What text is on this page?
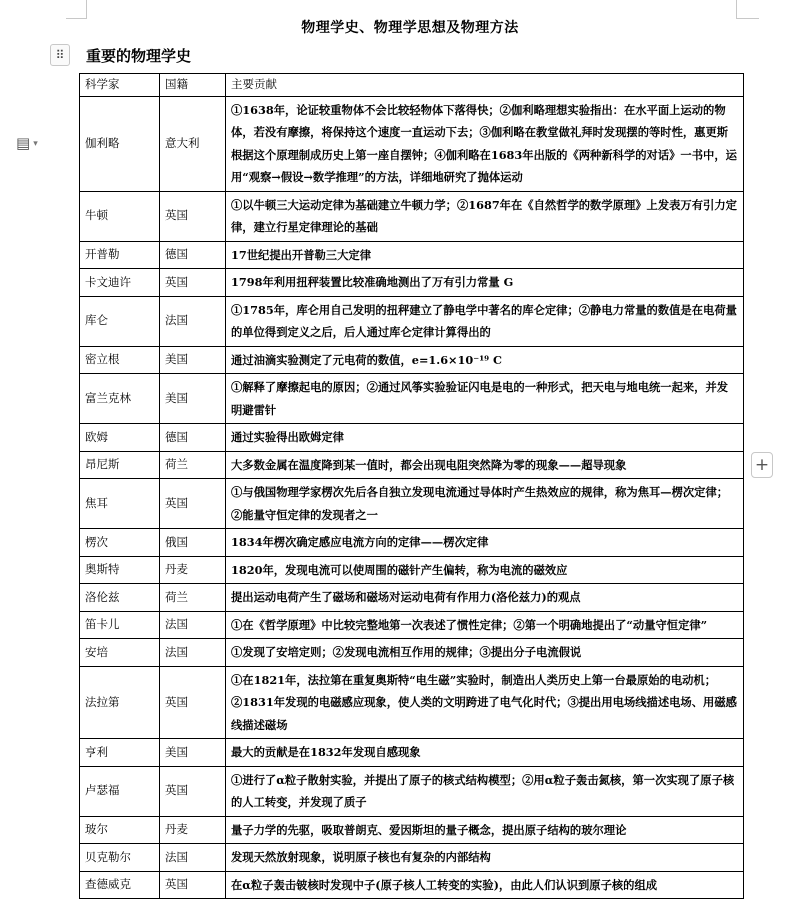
物理学史、物理学思想及物理方法
⠿	重要的物理学史
▤ ▾
+
科学家	国籍	主要贡献
伽利略	意大利	①1638年，论证较重物体不会比较轻物体下落得快；②伽利略理想实验指出：在水平面上运动的物体，若没有摩擦，将保持这个速度一直运动下去；③伽利略在教堂做礼拜时发现摆的等时性，惠更斯根据这个原理制成历史上第一座自摆钟；④伽利略在1683年出版的《两种新科学的对话》一书中，运用“观察→假设→数学推理”的方法，详细地研究了抛体运动
牛顿	英国	①以牛顿三大运动定律为基础建立牛顿力学；②1687年在《自然哲学的数学原理》上发表万有引力定律，建立行星定律理论的基础
开普勒	德国	17世纪提出开普勒三大定律
卡文迪许	英国	1798年利用扭秤装置比较准确地测出了万有引力常量 G
库仑	法国	①1785年，库仑用自己发明的扭秤建立了静电学中著名的库仑定律；②静电力常量的数值是在电荷量的单位得到定义之后，后人通过库仑定律计算得出的
密立根	美国	通过油滴实验测定了元电荷的数值，e=1.6×10⁻¹⁹ C
富兰克林	美国	①解释了摩擦起电的原因；②通过风筝实验验证闪电是电的一种形式，把天电与地电统一起来，并发明避雷针
欧姆	德国	通过实验得出欧姆定律
昂尼斯	荷兰	大多数金属在温度降到某一值时，都会出现电阻突然降为零的现象——超导现象
焦耳	英国	①与俄国物理学家楞次先后各自独立发现电流通过导体时产生热效应的规律，称为焦耳—楞次定律；②能量守恒定律的发现者之一
楞次	俄国	1834年楞次确定感应电流方向的定律——楞次定律
奥斯特	丹麦	1820年，发现电流可以使周围的磁针产生偏转，称为电流的磁效应
洛伦兹	荷兰	提出运动电荷产生了磁场和磁场对运动电荷有作用力(洛伦兹力)的观点
笛卡儿	法国	①在《哲学原理》中比较完整地第一次表述了惯性定律；②第一个明确地提出了“动量守恒定律”
安培	法国	①发现了安培定则；②发现电流相互作用的规律；③提出分子电流假说
法拉第	英国	①在1821年，法拉第在重复奥斯特“电生磁”实验时，制造出人类历史上第一台最原始的电动机；②1831年发现的电磁感应现象，使人类的文明跨进了电气化时代；③提出用电场线描述电场、用磁感线描述磁场
亨利	美国	最大的贡献是在1832年发现自感现象
卢瑟福	英国	①进行了α粒子散射实验，并提出了原子的核式结构模型；②用α粒子轰击氮核，第一次实现了原子核的人工转变，并发现了质子
玻尔	丹麦	量子力学的先驱，吸取普朗克、爱因斯坦的量子概念，提出原子结构的玻尔理论
贝克勒尔	法国	发现天然放射现象，说明原子核也有复杂的内部结构
查德威克	英国	在α粒子轰击铍核时发现中子(原子核人工转变的实验)，由此人们认识到原子核的组成
